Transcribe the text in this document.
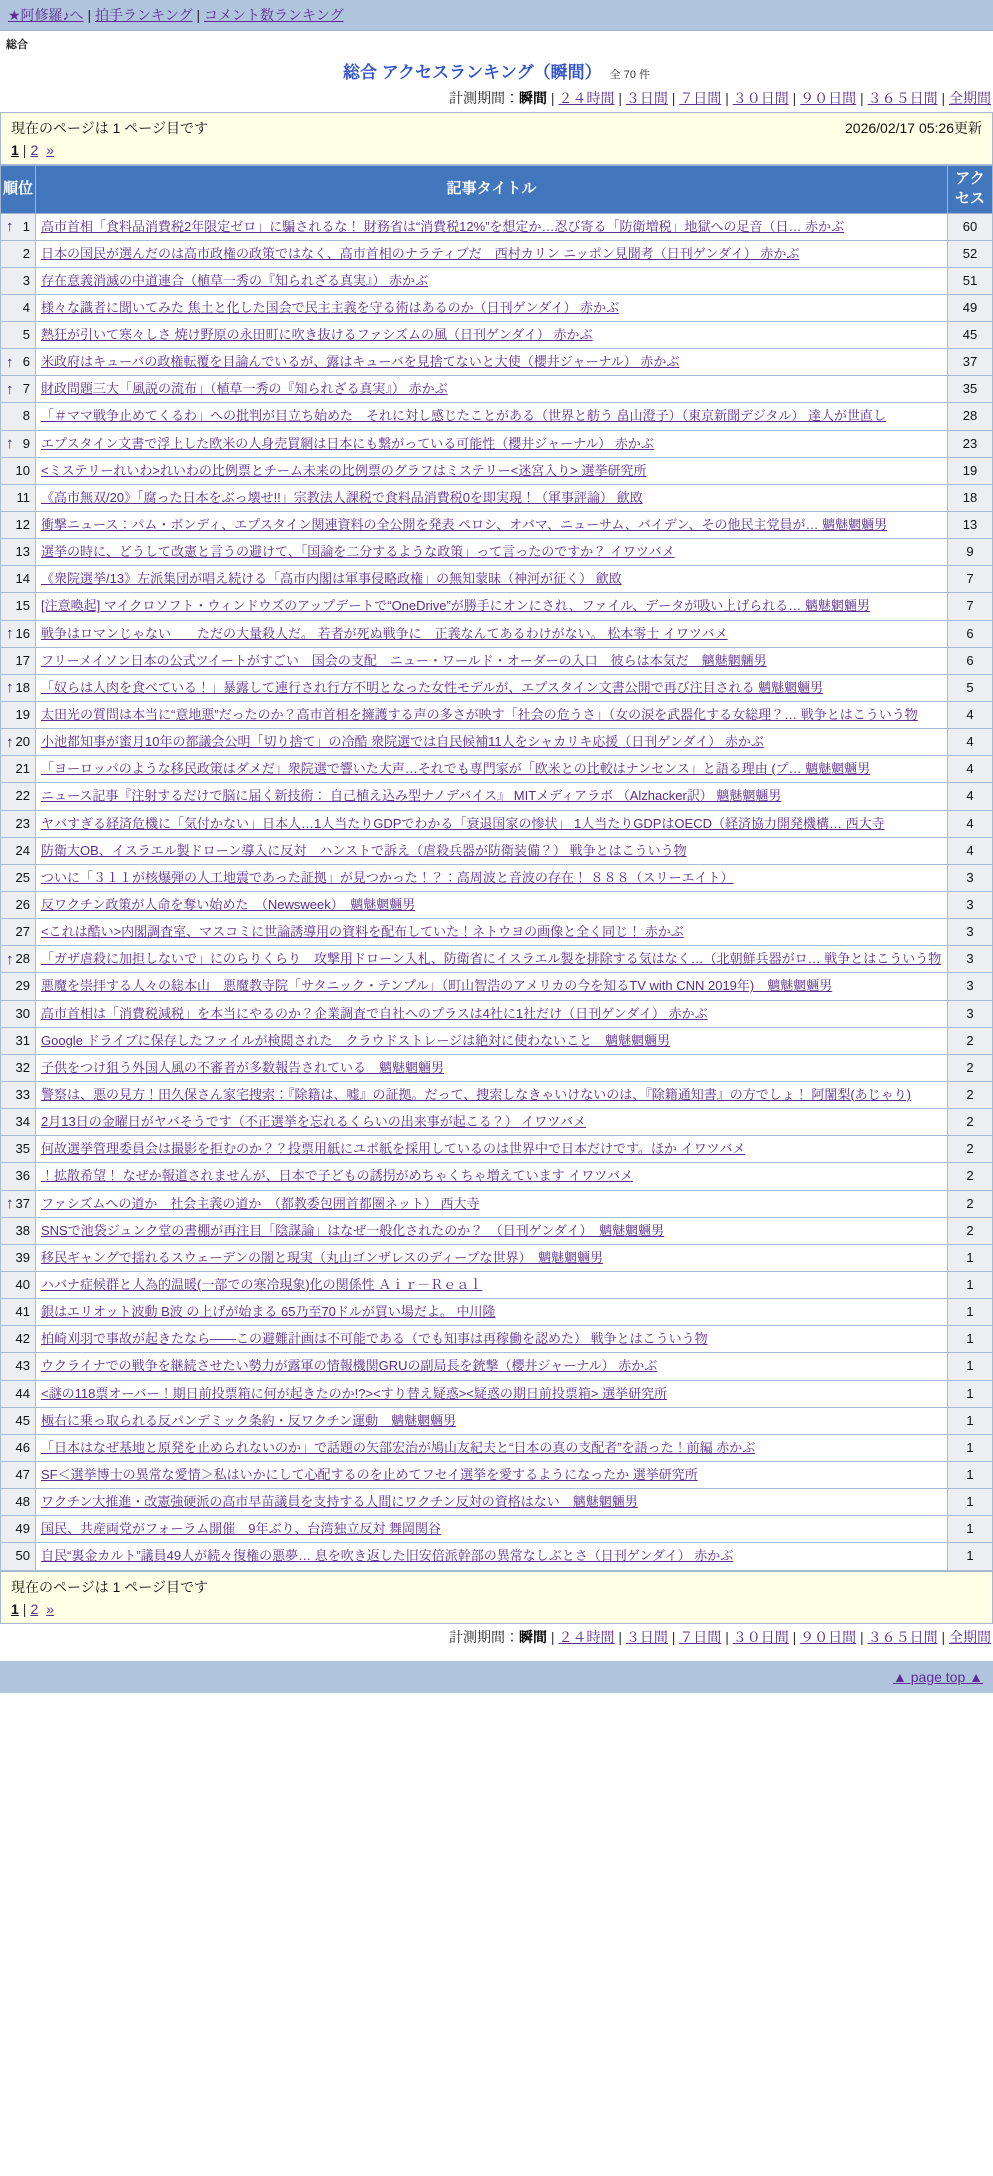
★阿修羅♪へ | 拍手ランキング | コメント数ランキング
総合
総合 アクセスランキング（瞬間） 全 70 件
計測期間：瞬間 | ２４時間 | ３日間 | ７日間 | ３０日間 | ９０日間 | ３６５日間 | 全期間
現在のページは 1 ページ目です	2026/02/17 05:26更新
1 | 2 »
順位	記事タイトル	アクセス

↑ 1	高市首相「食料品消費税2年限定ゼロ」に騙されるな！ 財務省は“消費税12%”を想定か…忍び寄る「防衛増税」地獄への足音（日… 赤かぶ	60

2	日本の国民が選んだのは高市政権の政策ではなく、高市首相のナラティブだ　西村カリン ニッポン見聞考（日刊ゲンダイ） 赤かぶ	52

3	存在意義消滅の中道連合（植草一秀の『知られざる真実』） 赤かぶ	51

4	様々な識者に聞いてみた 焦土と化した国会で民主主義を守る術はあるのか（日刊ゲンダイ） 赤かぶ	49

5	熱狂が引いて寒々しさ 焼け野原の永田町に吹き抜けるファシズムの風（日刊ゲンダイ） 赤かぶ	45

↑ 6	米政府はキューバの政権転覆を目論んでいるが、露はキューバを見捨てないと大使（櫻井ジャーナル） 赤かぶ	37

↑ 7	財政問題三大「風説の流布」（植草一秀の『知られざる真実』） 赤かぶ	35

8	「＃ママ戦争止めてくるわ」への批判が目立ち始めた　それに対し感じたことがある（世界と舫う 畠山澄子）（東京新聞デジタル） 達人が世直し	28

↑ 9	エプスタイン文書で浮上した欧米の人身売買網は日本にも繋がっている可能性（櫻井ジャーナル） 赤かぶ	23

10	<ミステリーれいわ>れいわの比例票とチーム未来の比例票のグラフはミステリー<迷宮入り> 選挙研究所	19

11	《高市無双/20》「腐った日本をぶっ壊せ!!」宗教法人課税で食料品消費税0を即実現！（軍事評論） 歛敃	18

12	衝撃ニュース：パム・ボンディ、エプスタイン関連資料の全公開を発表 ペロシ、オバマ、ニューサム、バイデン、その他民主党員が… 魑魅魍魎男	13

13	選挙の時に、どうして改憲と言うの避けて、「国論を二分するような政策」って言ったのですか？ イワツバメ	9

14	《衆院選挙/13》左派集団が唱え続ける「高市内閣は軍事侵略政権」の無知蒙昧（神河が征く） 歛敃	7

15	[注意喚起] マイクロソフト・ウィンドウズのアップデートで“OneDrive”が勝手にオンにされ、ファイル、データが吸い上げられる… 魑魅魍魎男	7

↑ 16	戦争はロマンじゃない　　ただの大量殺人だ。 若者が死ぬ戦争に　正義なんてあるわけがない。 松本零士 イワツバメ	6

17	フリーメイソン日本の公式ツイートがすごい　国会の支配　ニュー・ワールド・オーダーの入口　彼らは本気だ　魑魅魍魎男	6

↑ 18	「奴らは人肉を食べている！」暴露して連行され行方不明となった女性モデルが、エプスタイン文書公開で再び注目される 魑魅魍魎男	5

19	太田光の質問は本当に“意地悪”だったのか？高市首相を擁護する声の多さが映す「社会の危うさ」（女の涙を武器化する女総理？… 戦争とはこういう物	4

↑ 20	小池都知事が蜜月10年の都議会公明「切り捨て」の冷酷 衆院選では自民候補11人をシャカリキ応援（日刊ゲンダイ） 赤かぶ	4

21	「ヨーロッパのような移民政策はダメだ」衆院選で響いた大声…それでも専門家が「欧米との比較はナンセンス」と語る理由 (プ… 魑魅魍魎男	4

22	ニュース記事『注射するだけで脳に届く新技術： 自己植え込み型ナノデバイス』 MITメディアラボ （Alzhacker訳） 魑魅魍魎男	4

23	ヤバすぎる経済危機に「気付かない」日本人…1人当たりGDPでわかる「衰退国家の惨状」 1人当たりGDPはOECD（経済協力開発機構… 西大寺	4

24	防衛大OB、イスラエル製ドローン導入に反対　ハンストで訴え（虐殺兵器が防衛装備？） 戦争とはこういう物	4

25	ついに「３１１が核爆弾の人工地震であった証拠」が見つかった！？：高周波と音波の存在！ ８８８（スリーエイト）	3

26	反ワクチン政策が人命を奪い始めた　（Newsweek）　魑魅魍魎男	3

27	<これは酷い>内閣調査室、マスコミに世論誘導用の資料を配布していた！ネトウヨの画像と全く同じ！ 赤かぶ	3

↑ 28	「ガザ虐殺に加担しないで」にのらりくらり　攻撃用ドローン入札、防衛省にイスラエル製を排除する気はなく…（北朝鮮兵器がロ… 戦争とはこういう物	3

29	悪魔を崇拝する人々の総本山　悪魔教寺院「サタニック・テンプル」（町山智浩のアメリカの今を知るTV with CNN 2019年)　魑魅魍魎男	3

30	高市首相は「消費税減税」を本当にやるのか？企業調査で自社へのプラスは4社に1社だけ（日刊ゲンダイ） 赤かぶ	3

31	Google ドライブに保存したファイルが検閲された　クラウドストレージは絶対に使わないこと　魑魅魍魎男	2

32	子供をつけ狙う外国人風の不審者が多数報告されている　魑魅魍魎男	2

33	警察は、悪の見方！田久保さん家宅捜索：『除籍は、嘘』の証拠。だって、捜索しなきゃいけないのは、『除籍通知書』の方でしょ！ 阿闍梨(あじゃり)	2

34	2月13日の金曜日がヤバそうです（不正選挙を忘れるくらいの出来事が起こる？） イワツバメ	2

35	何故選挙管理委員会は撮影を拒むのか？？投票用紙にユポ紙を採用しているのは世界中で日本だけです。ほか イワツバメ	2

36	！拡散希望！ なぜか報道されませんが、日本で子どもの誘拐がめちゃくちゃ増えています イワツバメ	2

↑ 37	ファシズムへの道か　社会主義の道か　（都教委包囲首都圏ネット） 西大寺	2

38	SNSで池袋ジュンク堂の書棚が再注目「陰謀論」はなぜ一般化されたのか？　（日刊ゲンダイ）　魑魅魍魎男	2

39	移民ギャングで揺れるスウェーデンの闇と現実（丸山ゴンザレスのディープな世界）　魑魅魍魎男	1

40	ハバナ症候群と人為的温暖(一部での寒冷現象)化の関係性 Ａｉｒ－Ｒｅａｌ	1

41	銀はエリオット波動 B波 の上げが始まる 65乃至70ドルが買い場だよ。 中川隆	1

42	柏崎刈羽で事故が起きたなら——この避難計画は不可能である（でも知事は再稼働を認めた） 戦争とはこういう物	1

43	ウクライナでの戦争を継続させたい勢力が露軍の情報機関GRUの副局長を銃撃（櫻井ジャーナル） 赤かぶ	1

44	<謎の118票オーバー！期日前投票箱に何が起きたのか!?><すり替え疑惑><疑惑の期日前投票箱> 選挙研究所	1

45	極右に乗っ取られる反パンデミック条約・反ワクチン運動　魑魅魍魎男	1

46	「日本はなぜ基地と原発を止められないのか」で話題の矢部宏治が鳩山友紀夫と“日本の真の支配者”を語った！前編 赤かぶ	1

47	SF＜選挙博士の異常な愛情＞私はいかにして心配するのを止めてフセイ選挙を愛するようになったか 選挙研究所	1

48	ワクチン大推進・改憲強硬派の高市早苗議員を支持する人間にワクチン反対の資格はない　魑魅魍魎男	1

49	国民、共産両党がフォーラム開催　9年ぶり、台湾独立反対 舞岡関谷	1

50	自民“裏金カルト”議員49人が続々復権の悪夢… 息を吹き返した旧安倍派幹部の異常なしぶとさ（日刊ゲンダイ） 赤かぶ	1
現在のページは 1 ページ目です
1 | 2 »
計測期間：瞬間 | ２４時間 | ３日間 | ７日間 | ３０日間 | ９０日間 | ３６５日間 | 全期間
▲ page top ▲
